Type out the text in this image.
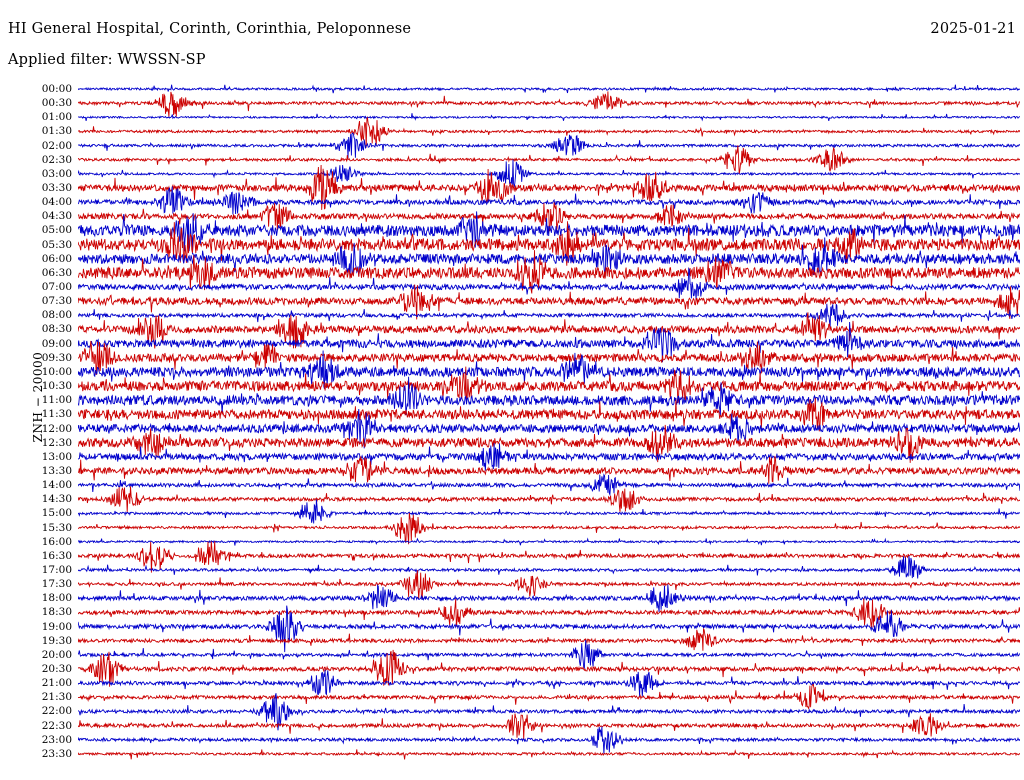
HI General Hospital, Corinth, Corinthia, Peloponnese	2025-01-21
Applied filter: WWSSN-SP
ZNH − 20000
00:00
00:30
01:00
01:30
02:00
02:30
03:00
03:30
04:00
04:30
05:00
05:30
06:00
06:30
07:00
07:30
08:00
08:30
09:00
09:30
10:00
10:30
11:00
11:30
12:00
12:30
13:00
13:30
14:00
14:30
15:00
15:30
16:00
16:30
17:00
17:30
18:00
18:30
19:00
19:30
20:00
20:30
21:00
21:30
22:00
22:30
23:00
23:30
